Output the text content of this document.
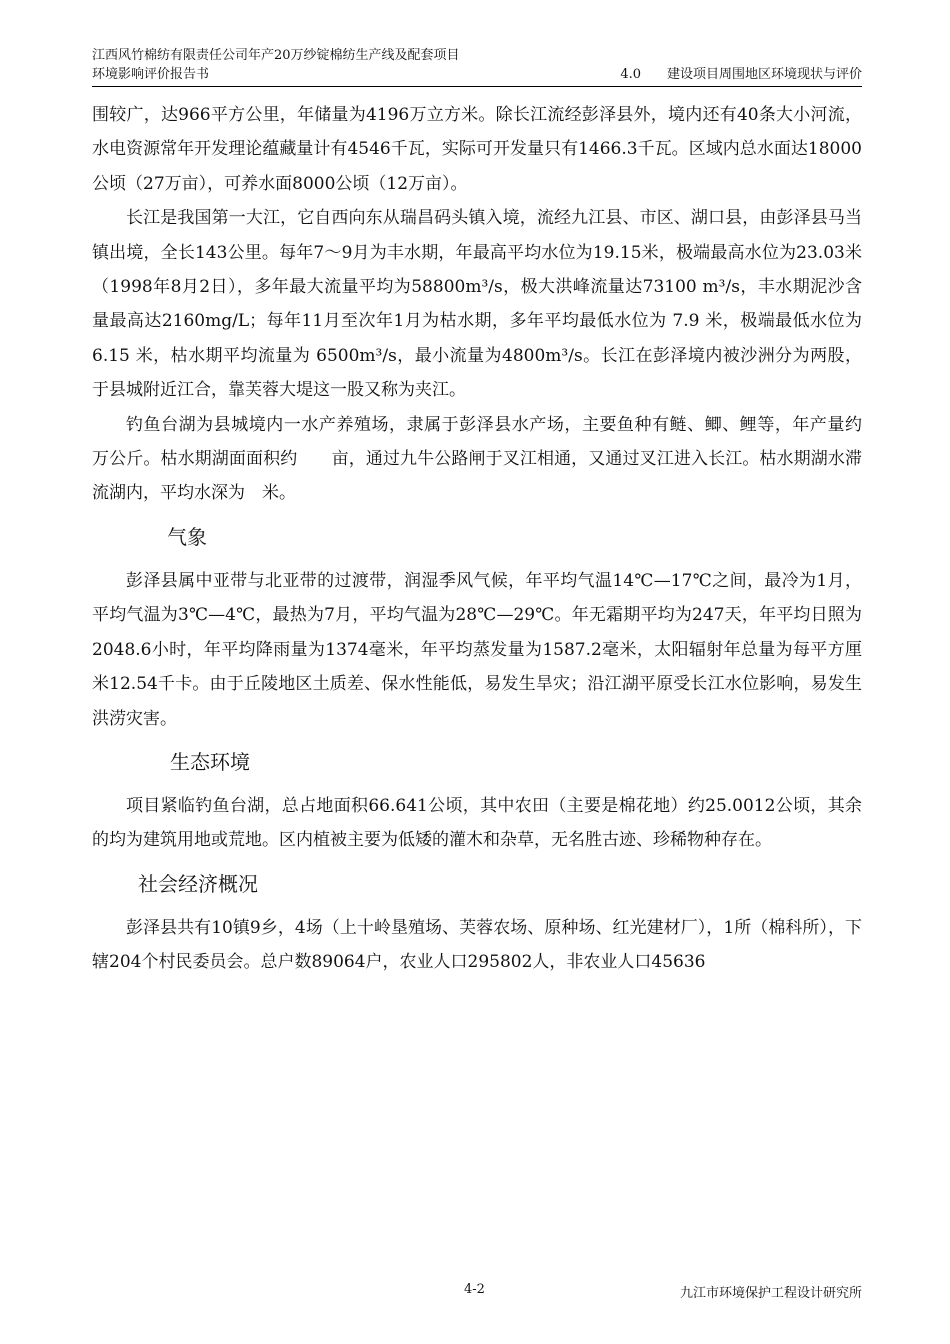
江西风竹棉纺有限责任公司年产20万纱锭棉纺生产线及配套项目
环境影响评价报告书	4.0　　建设项目周围地区环境现状与评价

围较广，达966平方公里，年储量为4196万立方米。除长江流经彭泽县外，境内还有40条大小河流，水电资源常年开发理论蕴藏量计有4546千瓦，实际可开发量只有1466.3千瓦。区域内总水面达18000公顷（27万亩），可养水面8000公顷（12万亩）。

长江是我国第一大江，它自西向东从瑞昌码头镇入境，流经九江县、市区、湖口县，由彭泽县马当镇出境，全长143公里。每年7～9月为丰水期，年最高平均水位为19.15米，极端最高水位为23.03米（1998年8月2日），多年最大流量平均为58800m³/s，极大洪峰流量达73100 m³/s，丰水期泥沙含量最高达2160mg/L；每年11月至次年1月为枯水期，多年平均最低水位为 7.9 米，极端最低水位为 6.15 米，枯水期平均流量为 6500m³/s，最小流量为4800m³/s。长江在彭泽境内被沙洲分为两股，于县城附近江合，靠芙蓉大堤这一股又称为夹江。

钓鱼台湖为县城境内一水产养殖场，隶属于彭泽县水产场，主要鱼种有鲢、鲫、鲤等，年产量约　万公斤。枯水期湖面面积约　　亩，通过九牛公路闸于叉江相通，又通过叉江进入长江。枯水期湖水滞流湖内，平均水深为　米。

气象

彭泽县属中亚带与北亚带的过渡带，润湿季风气候，年平均气温14℃—17℃之间，最冷为1月，平均气温为3℃—4℃，最热为7月，平均气温为28℃—29℃。年无霜期平均为247天，年平均日照为2048.6小时，年平均降雨量为1374毫米，年平均蒸发量为1587.2毫米，太阳辐射年总量为每平方厘米12.54千卡。由于丘陵地区土质差、保水性能低，易发生旱灾；沿江湖平原受长江水位影响，易发生洪涝灾害。

生态环境

项目紧临钓鱼台湖，总占地面积66.641公顷，其中农田（主要是棉花地）约25.0012公顷，其余的均为建筑用地或荒地。区内植被主要为低矮的灌木和杂草，无名胜古迹、珍稀物种存在。

社会经济概况

彭泽县共有10镇9乡，4场（上十岭垦殖场、芙蓉农场、原种场、红光建材厂），1所（棉科所），下辖204个村民委员会。总户数89064户，农业人口295802人，非农业人口45636

4-2	九江市环境保护工程设计研究所
